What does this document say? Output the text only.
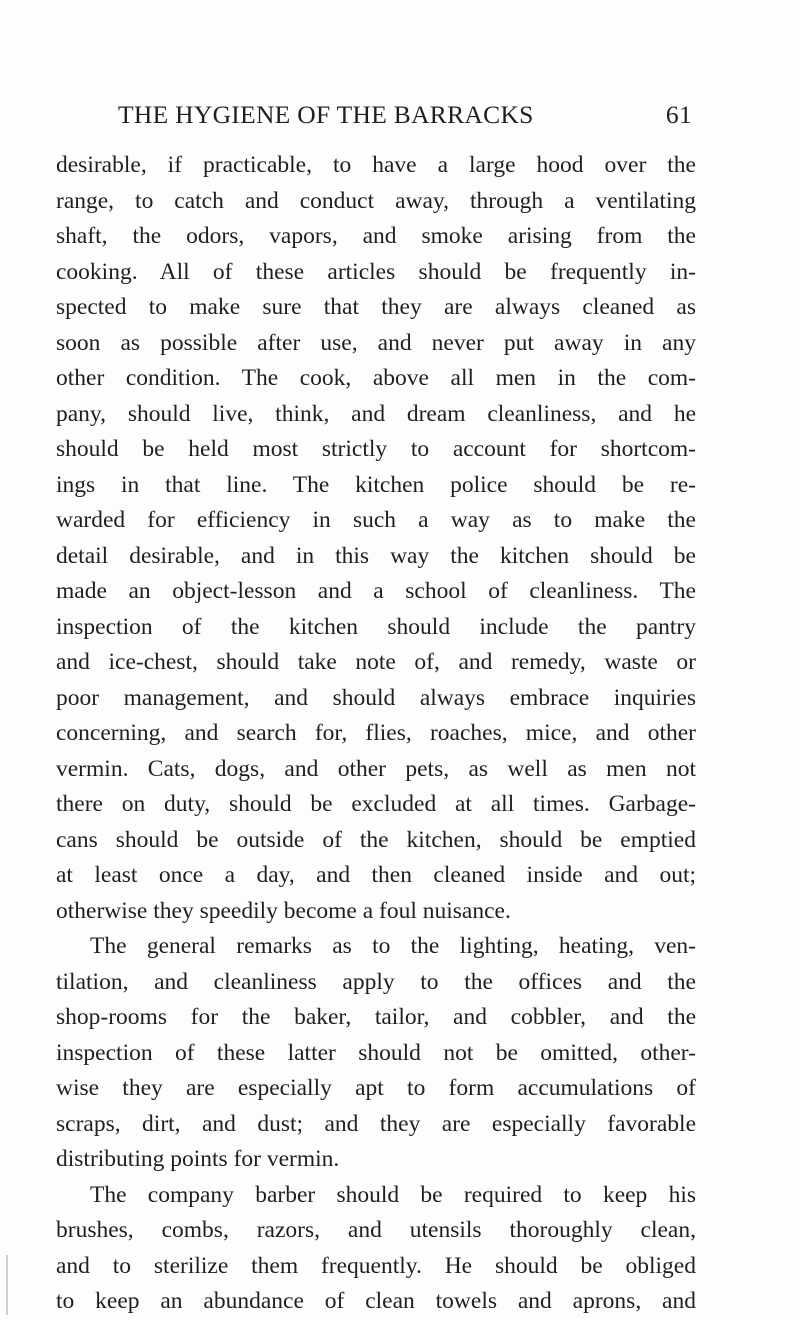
THE HYGIENE OF THE BARRACKS	61
desirable, if practicable, to have a large hood over the
range, to catch and conduct away, through a ventilating
shaft, the odors, vapors, and smoke arising from the
cooking. All of these articles should be frequently in-
spected to make sure that they are always cleaned as
soon as possible after use, and never put away in any
other condition. The cook, above all men in the com-
pany, should live, think, and dream cleanliness, and he
should be held most strictly to account for shortcom-
ings in that line. The kitchen police should be re-
warded for efficiency in such a way as to make the
detail desirable, and in this way the kitchen should be
made an object-lesson and a school of cleanliness. The
inspection of the kitchen should include the pantry
and ice-chest, should take note of, and remedy, waste or
poor management, and should always embrace inquiries
concerning, and search for, flies, roaches, mice, and other
vermin. Cats, dogs, and other pets, as well as men not
there on duty, should be excluded at all times. Garbage-
cans should be outside of the kitchen, should be emptied
at least once a day, and then cleaned inside and out;
otherwise they speedily become a foul nuisance.
The general remarks as to the lighting, heating, ven-
tilation, and cleanliness apply to the offices and the
shop-rooms for the baker, tailor, and cobbler, and the
inspection of these latter should not be omitted, other-
wise they are especially apt to form accumulations of
scraps, dirt, and dust; and they are especially favorable
distributing points for vermin.
The company barber should be required to keep his
brushes, combs, razors, and utensils thoroughly clean,
and to sterilize them frequently. He should be obliged
to keep an abundance of clean towels and aprons, and
